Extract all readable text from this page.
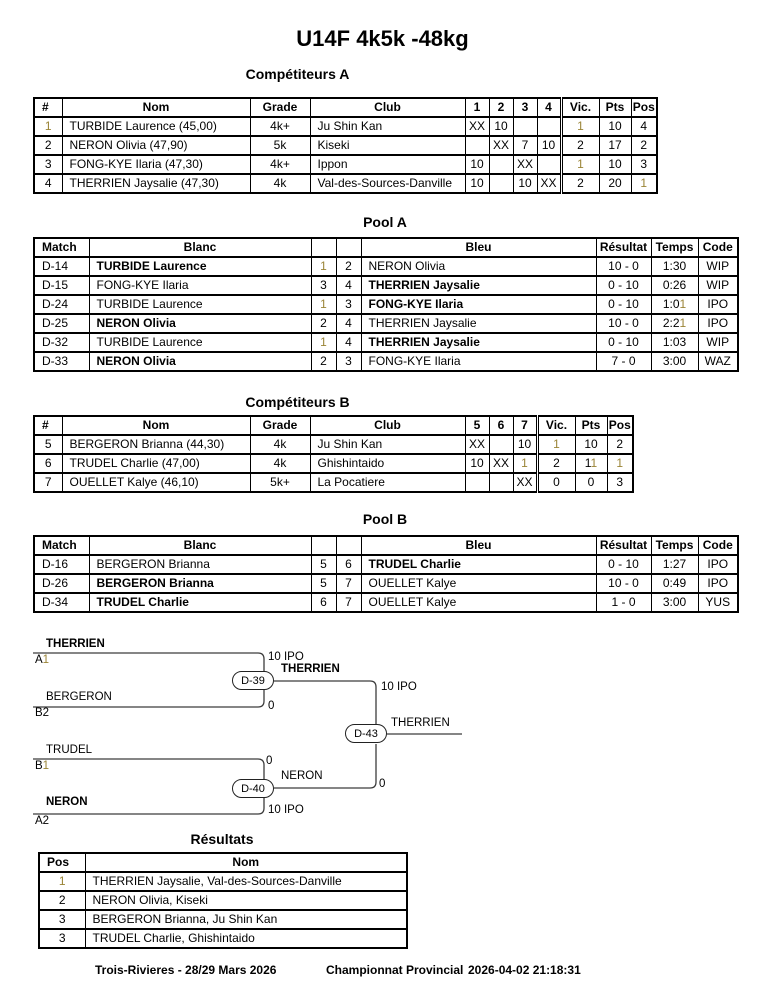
U14F 4k5k -48kg
Compétiteurs A
#	Nom	Grade	Club	1	2	3	4	Vic.	Pts	Pos
1	TURBIDE Laurence (45,00)	4k+	Ju Shin Kan	XX	10			1	10	4
2	NERON Olivia (47,90)	5k	Kiseki		XX	7	10	2	17	2
3	FONG-KYE Ilaria (47,30)	4k+	Ippon	10		XX		1	10	3
4	THERRIEN Jaysalie (47,30)	4k	Val-des-Sources-Danville	10		10	XX	2	20	1
Pool A
Match	Blanc			Bleu	Résultat	Temps	Code
D-14	TURBIDE Laurence	1	2	NERON Olivia	10 - 0	1:30	WIP
D-15	FONG-KYE Ilaria	3	4	THERRIEN Jaysalie	0 - 10	0:26	WIP
D-24	TURBIDE Laurence	1	3	FONG-KYE Ilaria	0 - 10	1:01	IPO
D-25	NERON Olivia	2	4	THERRIEN Jaysalie	10 - 0	2:21	IPO
D-32	TURBIDE Laurence	1	4	THERRIEN Jaysalie	0 - 10	1:03	WIP
D-33	NERON Olivia	2	3	FONG-KYE Ilaria	7 - 0	3:00	WAZ
Compétiteurs B
#	Nom	Grade	Club	5	6	7	Vic.	Pts	Pos
5	BERGERON Brianna (44,30)	4k	Ju Shin Kan	XX		10	1	10	2
6	TRUDEL Charlie (47,00)	4k	Ghishintaido	10	XX	1	2	11	1
7	OUELLET Kalye (46,10)	5k+	La Pocatiere			XX	0	0	3
Pool B
Match	Blanc			Bleu	Résultat	Temps	Code
D-16	BERGERON Brianna	5	6	TRUDEL Charlie	0 - 10	1:27	IPO
D-26	BERGERON Brianna	5	7	OUELLET Kalye	10 - 0	0:49	IPO
D-34	TRUDEL Charlie	6	7	OUELLET Kalye	1 - 0	3:00	YUS
THERRIEN
A1	10 IPO
BERGERON
B2
0
TRUDEL
B1	0
NERON
A2
10 IPO
D-39
THERRIEN
10 IPO
D-40
NERON
0
D-43
THERRIEN
Résultats
Pos	Nom
1	THERRIEN Jaysalie, Val-des-Sources-Danville
2	NERON Olivia, Kiseki
3	BERGERON Brianna, Ju Shin Kan
3	TRUDEL Charlie, Ghishintaido
Trois-Rivieres - 28/29 Mars 2026	Championnat Provincial 2026-04-02 21:18:31
